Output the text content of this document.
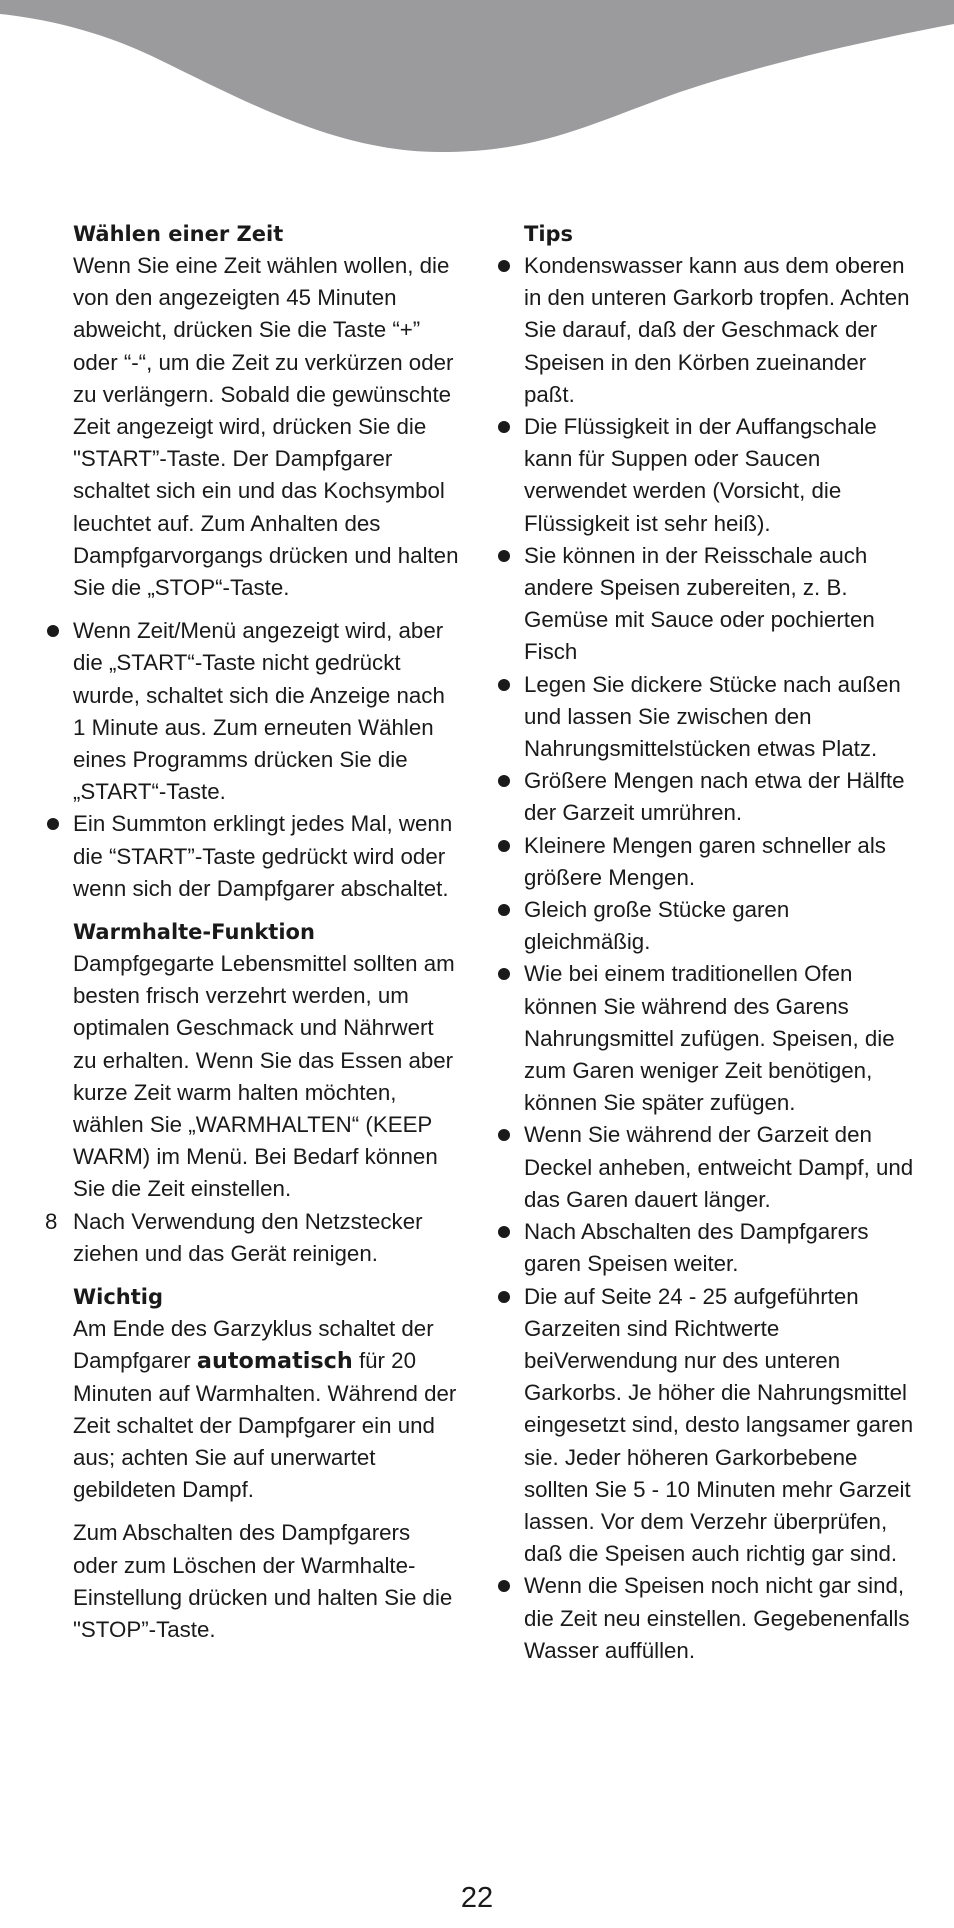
Wählen einer Zeit

Wenn Sie eine Zeit wählen wollen, die von den angezeigten 45 Minuten abweicht, drücken Sie die Taste “+” oder “-“, um die Zeit zu verkürzen oder zu verlängern. Sobald die gewünschte Zeit angezeigt wird, drücken Sie die "START”-Taste. Der Dampfgarer schaltet sich ein und das Kochsymbol leuchtet auf. Zum Anhalten des Dampfgarvorgangs drücken und halten Sie die „STOP“-Taste.

Wenn Zeit/Menü angezeigt wird, aber die „START“-Taste nicht gedrückt wurde, schaltet sich die Anzeige nach 1 Minute aus. Zum erneuten Wählen eines Programms drücken Sie die „START“-Taste.

Ein Summton erklingt jedes Mal, wenn die “START”-Taste gedrückt wird oder wenn sich der Dampfgarer abschaltet.

Warmhalte-Funktion

Dampfgegarte Lebensmittel sollten am besten frisch verzehrt werden, um optimalen Geschmack und Nährwert zu erhalten. Wenn Sie das Essen aber kurze Zeit warm halten möchten, wählen Sie „WARMHALTEN“ (KEEP WARM) im Menü. Bei Bedarf können Sie die Zeit einstellen.

8 Nach Verwendung den Netzstecker ziehen und das Gerät reinigen.

Wichtig

Am Ende des Garzyklus schaltet der Dampfgarer automatisch für 20 Minuten auf Warmhalten. Während der Zeit schaltet der Dampfgarer ein und aus; achten Sie auf unerwartet gebildeten Dampf.

Zum Abschalten des Dampfgarers oder zum Löschen der Warmhalte-Einstellung drücken und halten Sie die "STOP”-Taste.

Tips

Kondenswasser kann aus dem oberen in den unteren Garkorb tropfen. Achten Sie darauf, daß der Geschmack der Speisen in den Körben zueinander paßt.

Die Flüssigkeit in der Auffangschale kann für Suppen oder Saucen verwendet werden (Vorsicht, die Flüssigkeit ist sehr heiß).

Sie können in der Reisschale auch andere Speisen zubereiten, z. B. Gemüse mit Sauce oder pochierten Fisch

Legen Sie dickere Stücke nach außen und lassen Sie zwischen den Nahrungsmittelstücken etwas Platz.

Größere Mengen nach etwa der Hälfte der Garzeit umrühren.

Kleinere Mengen garen schneller als größere Mengen.

Gleich große Stücke garen gleichmäßig.

Wie bei einem traditionellen Ofen können Sie während des Garens Nahrungsmittel zufügen. Speisen, die zum Garen weniger Zeit benötigen, können Sie später zufügen.

Wenn Sie während der Garzeit den Deckel anheben, entweicht Dampf, und das Garen dauert länger.

Nach Abschalten des Dampfgarers garen Speisen weiter.

Die auf Seite 24 - 25 aufgeführten Garzeiten sind Richtwerte beiVerwendung nur des unteren Garkorbs. Je höher die Nahrungsmittel eingesetzt sind, desto langsamer garen sie. Jeder höheren Garkorbebene sollten Sie 5 - 10 Minuten mehr Garzeit lassen. Vor dem Verzehr überprüfen, daß die Speisen auch richtig gar sind.

Wenn die Speisen noch nicht gar sind, die Zeit neu einstellen. Gegebenenfalls Wasser auffüllen.

22
